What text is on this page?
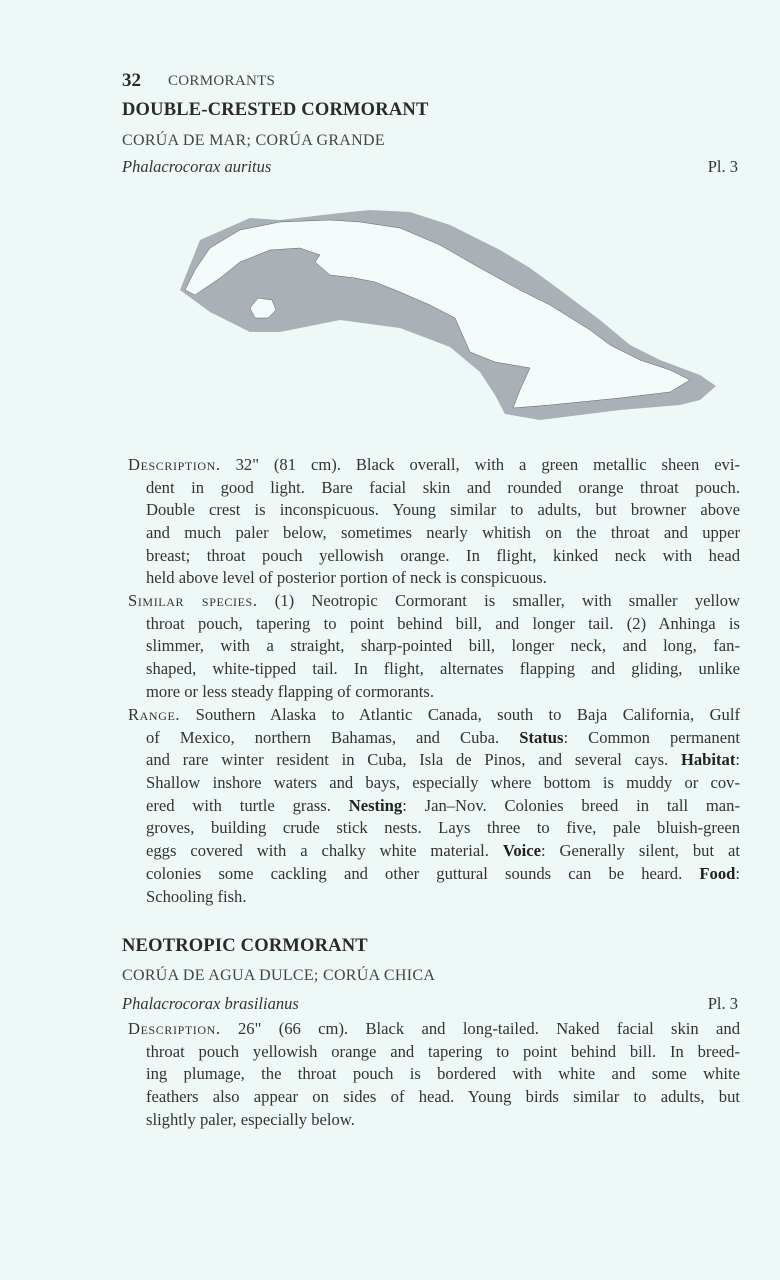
32 CORMORANTS
DOUBLE-CRESTED CORMORANT
CORÚA DE MAR; CORÚA GRANDE
Phalacrocorax auritus	Pl. 3
Description. 32" (81 cm). Black overall, with a green metallic sheen evi-
dent in good light. Bare facial skin and rounded orange throat pouch.
Double crest is inconspicuous. Young similar to adults, but browner above
and much paler below, sometimes nearly whitish on the throat and upper
breast; throat pouch yellowish orange. In flight, kinked neck with head
held above level of posterior portion of neck is conspicuous.
Similar species. (1) Neotropic Cormorant is smaller, with smaller yellow
throat pouch, tapering to point behind bill, and longer tail. (2) Anhinga is
slimmer, with a straight, sharp-pointed bill, longer neck, and long, fan-
shaped, white-tipped tail. In flight, alternates flapping and gliding, unlike
more or less steady flapping of cormorants.
Range. Southern Alaska to Atlantic Canada, south to Baja California, Gulf
of Mexico, northern Bahamas, and Cuba. Status: Common permanent
and rare winter resident in Cuba, Isla de Pinos, and several cays. Habitat:
Shallow inshore waters and bays, especially where bottom is muddy or cov-
ered with turtle grass. Nesting: Jan–Nov. Colonies breed in tall man-
groves, building crude stick nests. Lays three to five, pale bluish-green
eggs covered with a chalky white material. Voice: Generally silent, but at
colonies some cackling and other guttural sounds can be heard. Food:
Schooling fish.
NEOTROPIC CORMORANT
CORÚA DE AGUA DULCE; CORÚA CHICA
Phalacrocorax brasilianus	Pl. 3
Description. 26" (66 cm). Black and long-tailed. Naked facial skin and
throat pouch yellowish orange and tapering to point behind bill. In breed-
ing plumage, the throat pouch is bordered with white and some white
feathers also appear on sides of head. Young birds similar to adults, but
slightly paler, especially below.
